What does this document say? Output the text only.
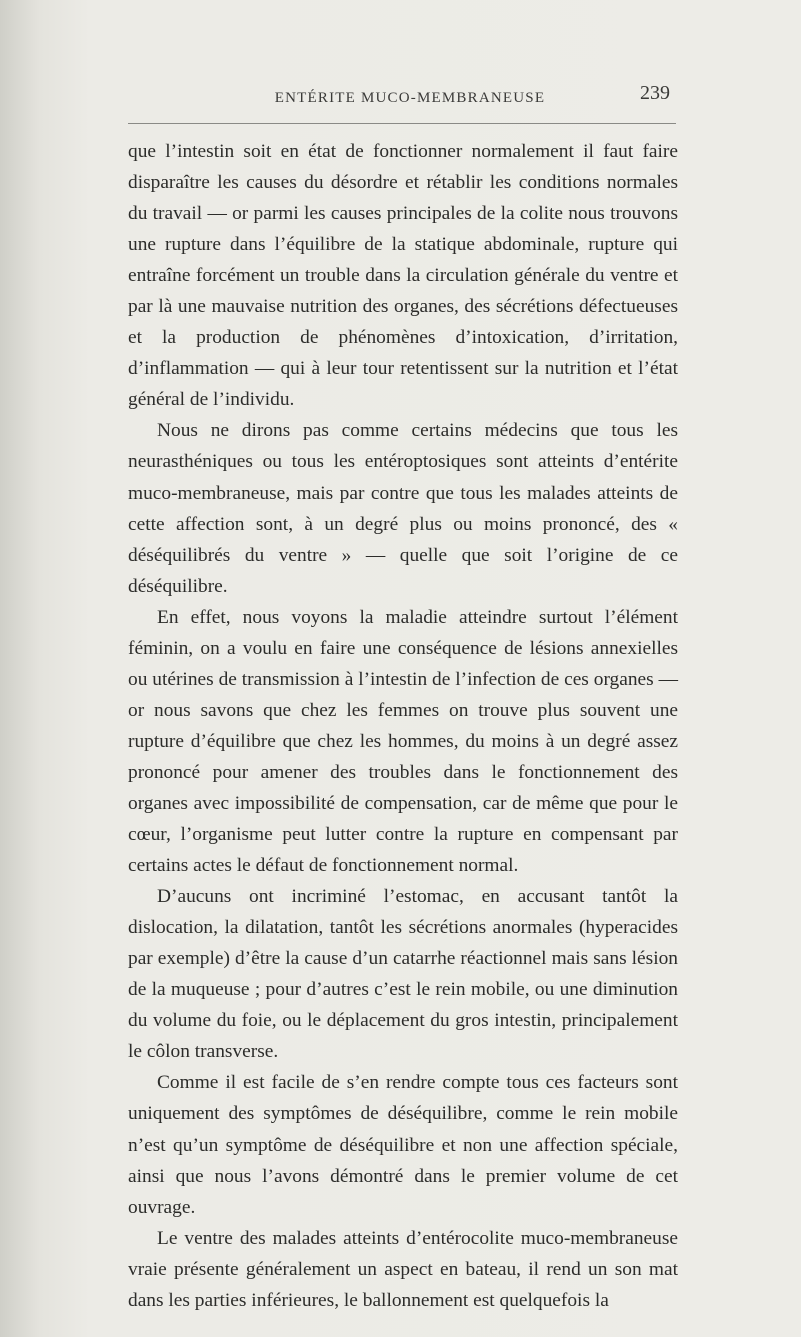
ENTÉRITE MUCO-MEMBRANEUSE	239

que l’intestin soit en état de fonctionner normalement il faut faire disparaître les causes du désordre et rétablir les conditions normales du travail — or parmi les causes principales de la colite nous trouvons une rupture dans l’équilibre de la statique abdominale, rupture qui entraîne forcément un trouble dans la circulation générale du ventre et par là une mauvaise nutrition des organes, des sécrétions défectueuses et la production de phénomènes d’intoxication, d’irritation, d’inflammation — qui à leur tour retentissent sur la nutrition et l’état général de l’individu.

Nous ne dirons pas comme certains médecins que tous les neurasthéniques ou tous les entéroptosiques sont atteints d’entérite muco-membraneuse, mais par contre que tous les malades atteints de cette affection sont, à un degré plus ou moins prononcé, des « déséquilibrés du ventre » — quelle que soit l’origine de ce déséquilibre.

En effet, nous voyons la maladie atteindre surtout l’élément féminin, on a voulu en faire une conséquence de lésions annexielles ou utérines de transmission à l’intestin de l’infection de ces organes — or nous savons que chez les femmes on trouve plus souvent une rupture d’équilibre que chez les hommes, du moins à un degré assez prononcé pour amener des troubles dans le fonctionnement des organes avec impossibilité de compensation, car de même que pour le cœur, l’organisme peut lutter contre la rupture en compensant par certains actes le défaut de fonctionnement normal.

D’aucuns ont incriminé l’estomac, en accusant tantôt la dislocation, la dilatation, tantôt les sécrétions anormales (hyperacides par exemple) d’être la cause d’un catarrhe réactionnel mais sans lésion de la muqueuse ; pour d’autres c’est le rein mobile, ou une diminution du volume du foie, ou le déplacement du gros intestin, principalement le côlon transverse.

Comme il est facile de s’en rendre compte tous ces facteurs sont uniquement des symptômes de déséquilibre, comme le rein mobile n’est qu’un symptôme de déséquilibre et non une affection spéciale, ainsi que nous l’avons démontré dans le premier volume de cet ouvrage.

Le ventre des malades atteints d’entérocolite muco-membraneuse vraie présente généralement un aspect en bateau, il rend un son mat dans les parties inférieures, le ballonnement est quelquefois la
